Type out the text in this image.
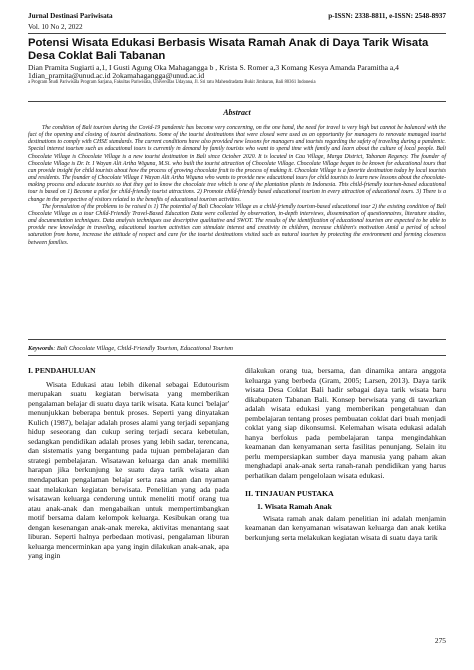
Jurnal Destinasi Pariwisata	p-ISSN: 2338-8811, e-ISSN: 2548-8937
Vol. 10 No 2, 2022
Potensi Wisata Edukasi Berbasis Wisata Ramah Anak di Daya Tarik Wisata Desa Coklat Bali Tabanan
Dian Pramita Sugiarti a,1, I Gusti Agung Oka Mahagangga b , Krista S. Romer a,3 Komang Kesya Amanda Paramitha a,4
1dian_pramita@unud.ac.id 2okamahagangga@unud.ac.id
a Program Studi Pariwisata Program Sarjana, Fakultas Pariwisata, Universitas Udayana, Jl. Sri ratu Mahendradatta Bukit Jimbaran, Bali 80361 Indonesia
Abstract

The condition of Bali tourism during the Covid-19 pandemic has become very concerning, on the one hand, the need for travel is very high but cannot be balanced with the fact of the opening and closing of tourist destinations. Some of the tourist destinations that were closed were used as an opportunity for managers to renovate managed tourist destinations to comply with CHSE standards. The current conditions have also provided new lessons for managers and tourists regarding the safety of traveling during a pandemic. Special interest tourism such as educational tours is currently in demand by family tourists who want to spend time with family and learn about the culture of local people. Bali Chocolate Village is Chocolate Village is a new tourist destination in Bali since October 2020. It is located in Cau Village, Marga District, Tabanan Regency. The founder of Chocolate Village is Dr. Ir. I Wayan Alit Artha Wiguna, M.Si. who built the tourist attraction of Chocolate Village. Chocolate Village began to be known for educational tours that can provide insight for child tourists about how the process of growing chocolate fruit to the process of making it. Chocolate Village is a favorite destination today by local tourists and residents. The founder of Chocolate Village I Wayan Alit Artha Wiguna who wants to provide new educational tours for child tourists to learn new lessons about the chocolate-making process and educate tourists so that they get to know the chocolate tree which is one of the plantation plants in Indonesia. This child-friendly tourism-based educational tour is based on 1) Become a pilot for child-friendly tourist attractions. 2) Promote child-friendly based educational tourism in every attraction of educational tours. 3) There is a change in the perspective of visitors related to the benefits of educational tourism activities.

The formulation of the problems to be raised is 1) The potential of Bali Chocolate Village as a child-friendly tourism-based educational tour 2) the existing condition of Bali Chocolate Village as a tour Child-Friendly Travel-Based Education Data were collected by observation, in-depth interviews, dissemination of questionnaires, literature studies, and documentation techniques. Data analysis techniques use descriptive qualitative and SWOT. The results of the identification of educational tourism are expected to be able to provide new knowledge in traveling, educational tourism activities can stimulate interest and creativity in children, increase children's motivation Amid a period of school saturation from home, increase the attitude of respect and care for the tourist destinations visited such as natural tourism by protecting the environment and forming closeness between families.

Keywords: Bali Chocolate Village, Child-Friendly Tourism, Educational Tourism
I. PENDAHULUAN

Wisata Edukasi atau lebih dikenal sebagai Edutourism merupakan suatu kegiatan berwisata yang memberikan pengalaman belajar di suatu daya tarik wisata. Kata kunci 'belajar' menunjukkan beberapa bentuk proses. Seperti yang dinyatakan Kulich (1987), belajar adalah proses alami yang terjadi sepanjang hidup seseorang dan cukup sering terjadi secara kebetulan, sedangkan pendidikan adalah proses yang lebih sadar, terencana, dan sistematis yang bergantung pada tujuan pembelajaran dan strategi pembelajaran. Wisatawan keluarga dan anak memiliki harapan jika berkunjung ke suatu daya tarik wisata akan mendapatkan pengalaman belajar serta rasa aman dan nyaman saat melakukan kegiatan berwisata. Penelitian yang ada pada wisatawan keluarga cenderung untuk meneliti motif orang tua atau anak-anak dan mengabaikan untuk mempertimbangkan motif bersama dalam kelompok keluarga. Kesibukan orang tua dengan kesenangan anak-anak mereka, aktivitas menantang saat liburan. Seperti halnya perbedaan motivasi, pengalaman liburan keluarga mencerminkan apa yang ingin dilakukan anak-anak, apa yang ingin

dilakukan orang tua, bersama, dan dinamika antara anggota keluarga yang berbeda (Gram, 2005; Larsen, 2013). Daya tarik wisata Desa Coklat Bali hadir sebagai daya tarik wisata baru dikabupaten Tabanan Bali. Konsep berwisata yang di tawarkan adalah wisata edukasi yang memberikan pengetahuan dan pembelajaran tentang proses pembuatan coklat dari buah menjadi coklat yang siap dikonsumsi. Kelemahan wisata edukasi adalah hanya berfokus pada pembelajaran tanpa mengindahkan keamanan dan kenyamanan serta fasilitas penunjang. Selain itu perlu mempersiapkan sumber daya manusia yang paham akan menghadapi anak-anak serta ranah-ranah pendidikan yang harus perhatikan dalam pengelolaan wisata edukasi.

II. TINJAUAN PUSTAKA
1. Wisata Ramah Anak

Wisata ramah anak dalam penelitian ini adalah menjamin keamanan dan kenyamanan wisatawan keluarga dan anak ketika berkunjung serta melakukan kegiatan wisata di suatu daya tarik

275
